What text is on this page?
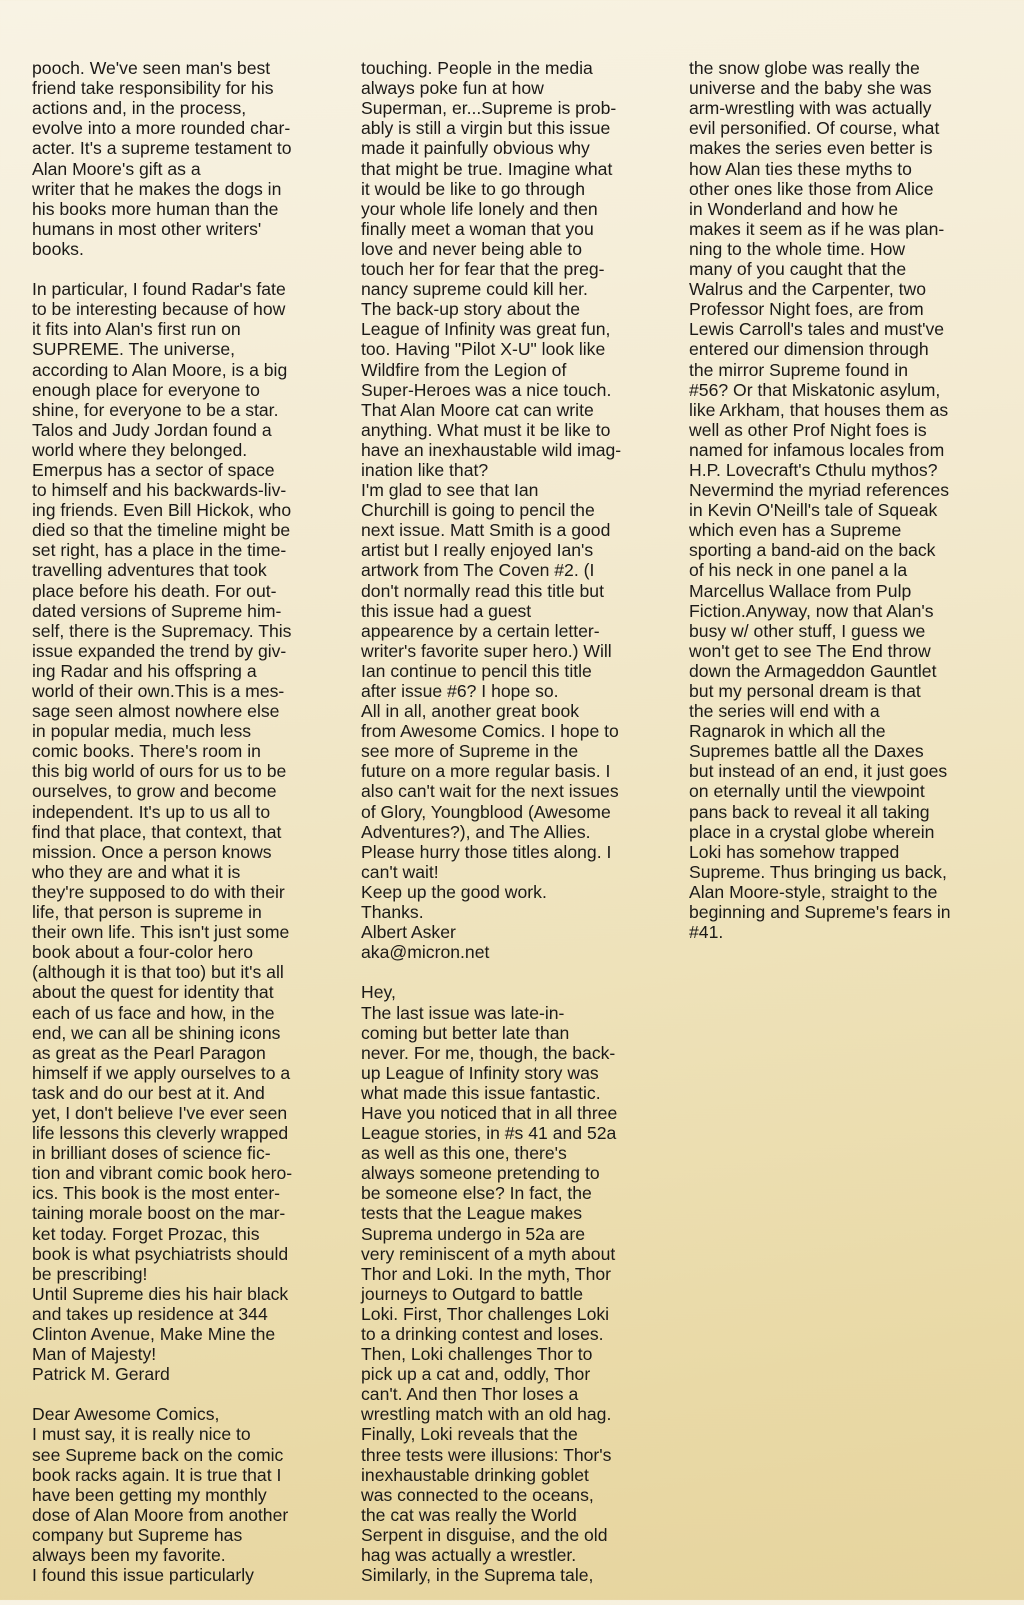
pooch. We've seen man's best
friend take responsibility for his
actions and, in the process,
evolve into a more rounded char-
acter. It's a supreme testament to
Alan Moore's gift as a
writer that he makes the dogs in
his books more human than the
humans in most other writers'
books.

In particular, I found Radar's fate
to be interesting because of how
it fits into Alan's first run on
SUPREME. The universe,
according to Alan Moore, is a big
enough place for everyone to
shine, for everyone to be a star.
Talos and Judy Jordan found a
world where they belonged.
Emerpus has a sector of space
to himself and his backwards-liv-
ing friends. Even Bill Hickok, who
died so that the timeline might be
set right, has a place in the time-
travelling adventures that took
place before his death. For out-
dated versions of Supreme him-
self, there is the Supremacy. This
issue expanded the trend by giv-
ing Radar and his offspring a
world of their own.This is a mes-
sage seen almost nowhere else
in popular media, much less
comic books. There's room in
this big world of ours for us to be
ourselves, to grow and become
independent. It's up to us all to
find that place, that context, that
mission. Once a person knows
who they are and what it is
they're supposed to do with their
life, that person is supreme in
their own life. This isn't just some
book about a four-color hero
(although it is that too) but it's all
about the quest for identity that
each of us face and how, in the
end, we can all be shining icons
as great as the Pearl Paragon
himself if we apply ourselves to a
task and do our best at it. And
yet, I don't believe I've ever seen
life lessons this cleverly wrapped
in brilliant doses of science fic-
tion and vibrant comic book hero-
ics. This book is the most enter-
taining morale boost on the mar-
ket today. Forget Prozac, this
book is what psychiatrists should
be prescribing!
Until Supreme dies his hair black
and takes up residence at 344
Clinton Avenue, Make Mine the
Man of Majesty!
Patrick M. Gerard

Dear Awesome Comics,
I must say, it is really nice to
see Supreme back on the comic
book racks again. It is true that I
have been getting my monthly
dose of Alan Moore from another
company but Supreme has
always been my favorite.
I found this issue particularly

touching. People in the media
always poke fun at how
Superman, er...Supreme is prob-
ably is still a virgin but this issue
made it painfully obvious why
that might be true. Imagine what
it would be like to go through
your whole life lonely and then
finally meet a woman that you
love and never being able to
touch her for fear that the preg-
nancy supreme could kill her.
The back-up story about the
League of Infinity was great fun,
too. Having "Pilot X-U" look like
Wildfire from the Legion of
Super-Heroes was a nice touch.
That Alan Moore cat can write
anything. What must it be like to
have an inexhaustable wild imag-
ination like that?
I'm glad to see that Ian
Churchill is going to pencil the
next issue. Matt Smith is a good
artist but I really enjoyed Ian's
artwork from The Coven #2. (I
don't normally read this title but
this issue had a guest
appearence by a certain letter-
writer's favorite super hero.) Will
Ian continue to pencil this title
after issue #6? I hope so.
All in all, another great book
from Awesome Comics. I hope to
see more of Supreme in the
future on a more regular basis. I
also can't wait for the next issues
of Glory, Youngblood (Awesome
Adventures?), and The Allies.
Please hurry those titles along. I
can't wait!
Keep up the good work.
Thanks.
Albert Asker
aka@micron.net

Hey,
The last issue was late-in-
coming but better late than
never. For me, though, the back-
up League of Infinity story was
what made this issue fantastic.
Have you noticed that in all three
League stories, in #s 41 and 52a
as well as this one, there's
always someone pretending to
be someone else? In fact, the
tests that the League makes
Suprema undergo in 52a are
very reminiscent of a myth about
Thor and Loki. In the myth, Thor
journeys to Outgard to battle
Loki. First, Thor challenges Loki
to a drinking contest and loses.
Then, Loki challenges Thor to
pick up a cat and, oddly, Thor
can't. And then Thor loses a
wrestling match with an old hag.
Finally, Loki reveals that the
three tests were illusions: Thor's
inexhaustable drinking goblet
was connected to the oceans,
the cat was really the World
Serpent in disguise, and the old
hag was actually a wrestler.
Similarly, in the Suprema tale,

the snow globe was really the
universe and the baby she was
arm-wrestling with was actually
evil personified. Of course, what
makes the series even better is
how Alan ties these myths to
other ones like those from Alice
in Wonderland and how he
makes it seem as if he was plan-
ning to the whole time. How
many of you caught that the
Walrus and the Carpenter, two
Professor Night foes, are from
Lewis Carroll's tales and must've
entered our dimension through
the mirror Supreme found in
#56? Or that Miskatonic asylum,
like Arkham, that houses them as
well as other Prof Night foes is
named for infamous locales from
H.P. Lovecraft's Cthulu mythos?
Nevermind the myriad references
in Kevin O'Neill's tale of Squeak
which even has a Supreme
sporting a band-aid on the back
of his neck in one panel a la
Marcellus Wallace from Pulp
Fiction.Anyway, now that Alan's
busy w/ other stuff, I guess we
won't get to see The End throw
down the Armageddon Gauntlet
but my personal dream is that
the series will end with a
Ragnarok in which all the
Supremes battle all the Daxes
but instead of an end, it just goes
on eternally until the viewpoint
pans back to reveal it all taking
place in a crystal globe wherein
Loki has somehow trapped
Supreme. Thus bringing us back,
Alan Moore-style, straight to the
beginning and Supreme's fears in
#41.
